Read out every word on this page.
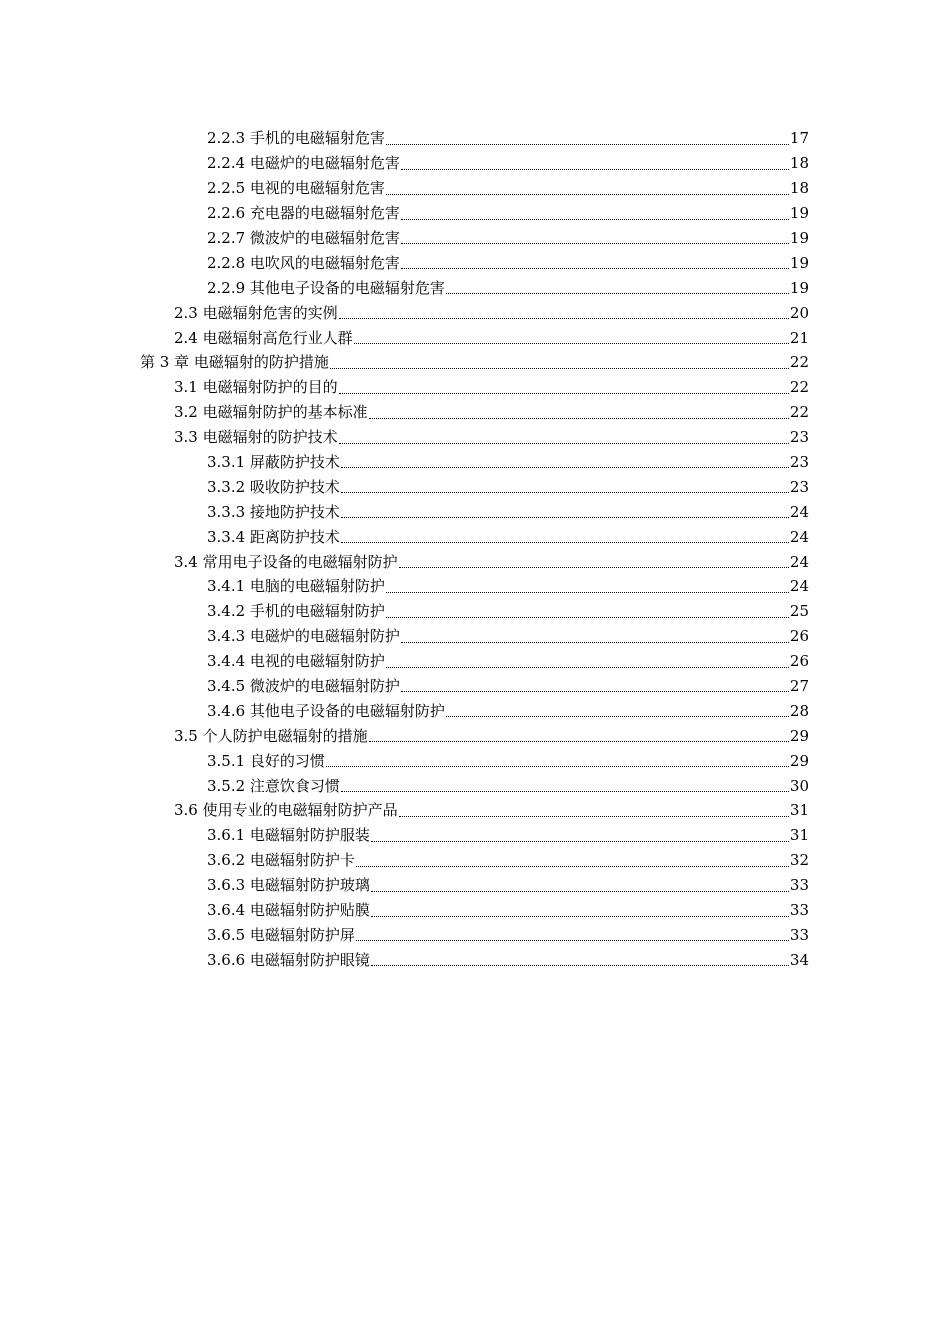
2.2.3 手机的电磁辐射危害	17
2.2.4 电磁炉的电磁辐射危害	18
2.2.5 电视的电磁辐射危害	18
2.2.6 充电器的电磁辐射危害	19
2.2.7 微波炉的电磁辐射危害	19
2.2.8 电吹风的电磁辐射危害	19
2.2.9 其他电子设备的电磁辐射危害	19
2.3 电磁辐射危害的实例	20
2.4 电磁辐射高危行业人群	21
第 3 章 电磁辐射的防护措施	22
3.1 电磁辐射防护的目的	22
3.2 电磁辐射防护的基本标准	22
3.3 电磁辐射的防护技术	23
3.3.1 屏蔽防护技术	23
3.3.2 吸收防护技术	23
3.3.3 接地防护技术	24
3.3.4 距离防护技术	24
3.4 常用电子设备的电磁辐射防护	24
3.4.1 电脑的电磁辐射防护	24
3.4.2 手机的电磁辐射防护	25
3.4.3 电磁炉的电磁辐射防护	26
3.4.4 电视的电磁辐射防护	26
3.4.5 微波炉的电磁辐射防护	27
3.4.6 其他电子设备的电磁辐射防护	28
3.5 个人防护电磁辐射的措施	29
3.5.1 良好的习惯	29
3.5.2 注意饮食习惯	30
3.6 使用专业的电磁辐射防护产品	31
3.6.1 电磁辐射防护服装	31
3.6.2 电磁辐射防护卡	32
3.6.3 电磁辐射防护玻璃	33
3.6.4 电磁辐射防护贴膜	33
3.6.5 电磁辐射防护屏	33
3.6.6 电磁辐射防护眼镜	34
